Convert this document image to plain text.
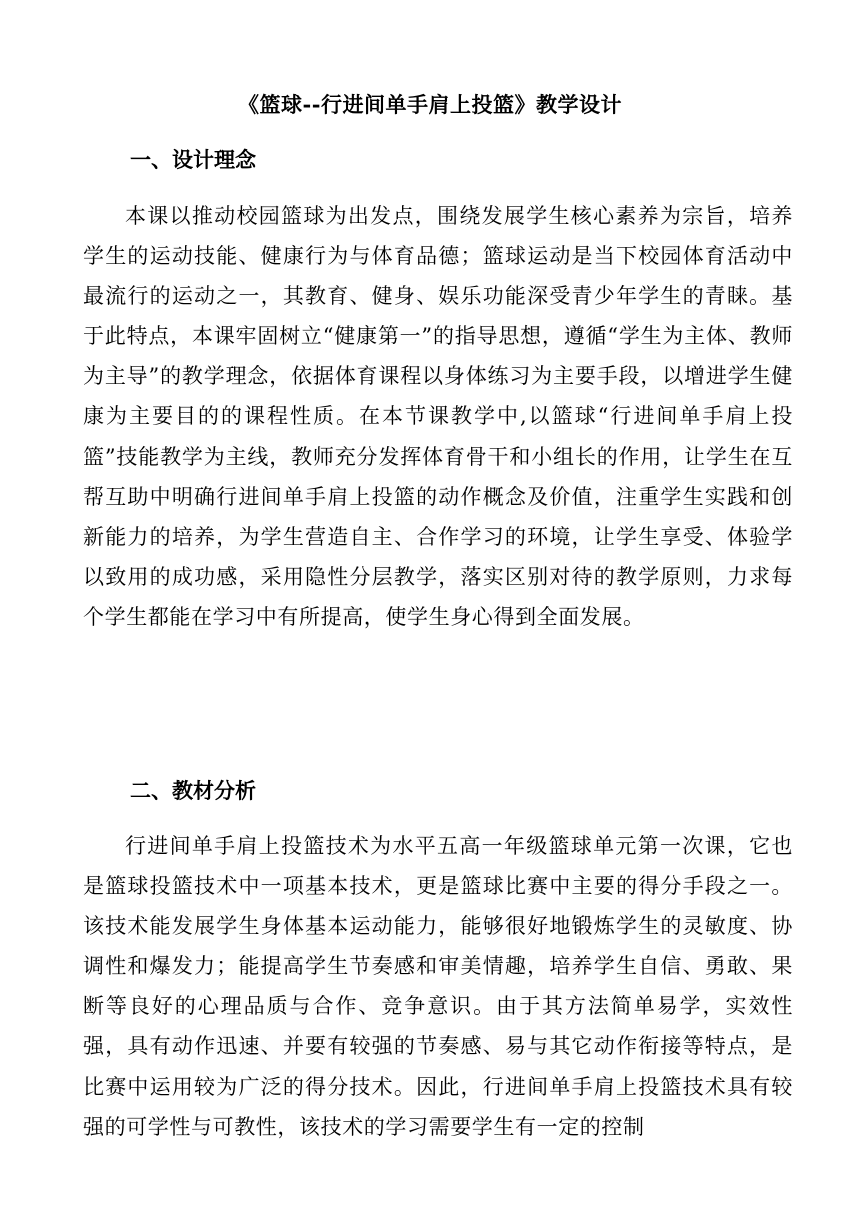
《篮球--行进间单手肩上投篮》教学设计
一、设计理念
本课以推动校园篮球为出发点，围绕发展学生核心素养为宗旨，培养学生的运动技能、健康行为与体育品德；篮球运动是当下校园体育活动中最流行的运动之一，其教育、健身、娱乐功能深受青少年学生的青睐。基于此特点，本课牢固树立“健康第一”的指导思想，遵循“学生为主体、教师为主导”的教学理念，依据体育课程以身体练习为主要手段，以增进学生健康为主要目的的课程性质。在本节课教学中,以篮球“行进间单手肩上投篮”技能教学为主线，教师充分发挥体育骨干和小组长的作用，让学生在互帮互助中明确行进间单手肩上投篮的动作概念及价值，注重学生实践和创新能力的培养，为学生营造自主、合作学习的环境，让学生享受、体验学以致用的成功感，采用隐性分层教学，落实区别对待的教学原则，力求每个学生都能在学习中有所提高，使学生身心得到全面发展。
二、教材分析
行进间单手肩上投篮技术为水平五高一年级篮球单元第一次课，它也是篮球投篮技术中一项基本技术，更是篮球比赛中主要的得分手段之一。该技术能发展学生身体基本运动能力，能够很好地锻炼学生的灵敏度、协调性和爆发力；能提高学生节奏感和审美情趣，培养学生自信、勇敢、果断等良好的心理品质与合作、竞争意识。由于其方法简单易学，实效性强，具有动作迅速、并要有较强的节奏感、易与其它动作衔接等特点，是比赛中运用较为广泛的得分技术。因此，行进间单手肩上投篮技术具有较强的可学性与可教性，该技术的学习需要学生有一定的控制
